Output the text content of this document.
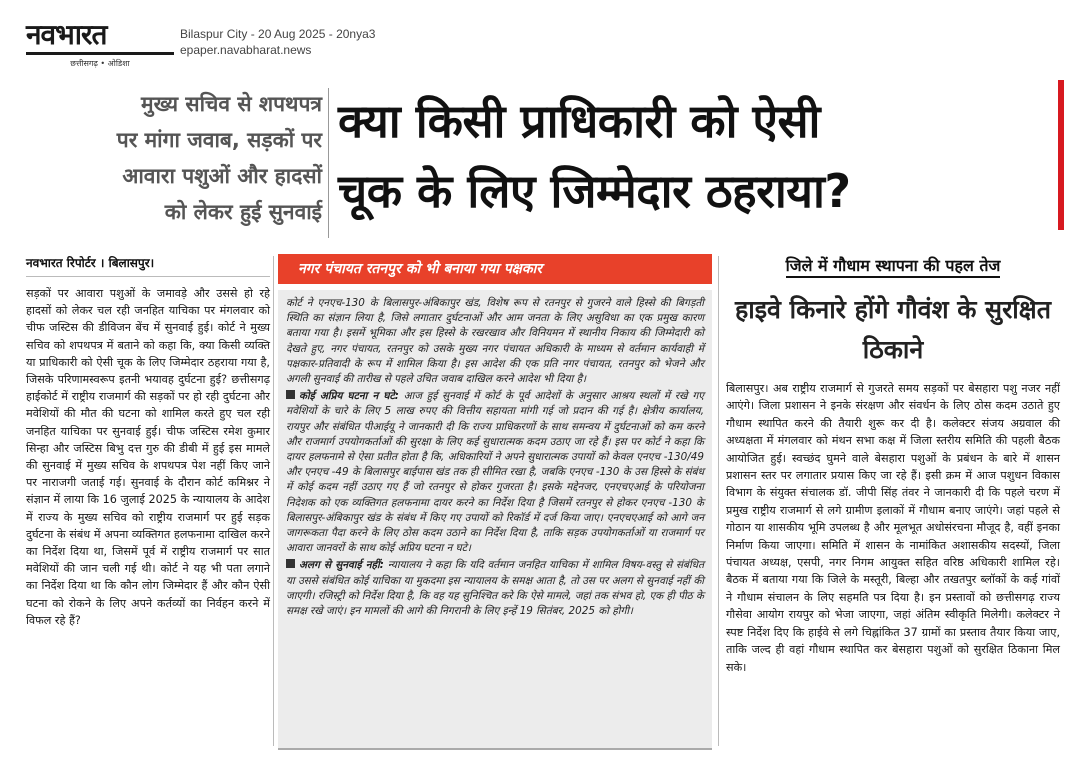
नवभारत
छत्तीसगढ़ • ओडिशा
Bilaspur City - 20 Aug 2025 - 20nya3
epaper.navabharat.news

मुख्य सचिव से शपथपत्र

पर मांगा जवाब, सड़कों पर

आवारा पशुओं और हादसों

को लेकर हुई सुनवाई

क्या किसी प्राधिकारी को ऐसी

चूक के लिए जिम्मेदार ठहराया?

नवभारत रिपोर्टर । बिलासपुर।
सड़कों पर आवारा पशुओं के जमावड़े और उससे हो रहे हादसों को लेकर चल रही जनहित याचिका पर मंगलवार को चीफ जस्टिस की डीविजन बेंच में सुनवाई हुई। कोर्ट ने मुख्य सचिव को शपथपत्र में बताने को कहा कि, क्या किसी व्यक्ति या प्राधिकारी को ऐसी चूक के लिए जिम्मेदार ठहराया गया है, जिसके परिणामस्वरूप इतनी भयावह दुर्घटना हुई? छत्तीसगढ़ हाईकोर्ट में राष्ट्रीय राजमार्ग की सड़कों पर हो रही दुर्घटना और मवेशियों की मौत की घटना को शामिल करते हुए चल रही जनहित याचिका पर सुनवाई हुई। चीफ जस्टिस रमेश कुमार सिन्हा और जस्टिस बिभु दत्त गुरु की डीबी में हुई इस मामले की सुनवाई में मुख्य सचिव के शपथपत्र पेश नहीं किए जाने पर नाराजगी जताई गई। सुनवाई के दौरान कोर्ट कमिश्नर ने संज्ञान में लाया कि 16 जुलाई 2025 के न्यायालय के आदेश में राज्य के मुख्य सचिव को राष्ट्रीय राजमार्ग पर हुई सड़क दुर्घटना के संबंध में अपना व्यक्तिगत हलफनामा दाखिल करने का निर्देश दिया था, जिसमें पूर्व में राष्ट्रीय राजमार्ग पर सात मवेशियों की जान चली गई थी। कोर्ट ने यह भी पता लगाने का निर्देश दिया था कि कौन लोग जिम्मेदार हैं और कौन ऐसी घटना को रोकने के लिए अपने कर्तव्यों का निर्वहन करने में विफल रहे हैं?
नगर पंचायत रतनपुर को भी बनाया गया पक्षकार
कोर्ट ने एनएच-130 के बिलासपुर-अंबिकापुर खंड, विशेष रूप से रतनपुर से गुजरने वाले हिस्से की बिगड़ती स्थिति का संज्ञान लिया है, जिसे लगातार दुर्घटनाओं और आम जनता के लिए असुविधा का एक प्रमुख कारण बताया गया है। इसमें भूमिका और इस हिस्से के रखरखाव और विनियमन में स्थानीय निकाय की जिम्मेदारी को देखते हुए, नगर पंचायत, रतनपुर को उसके मुख्य नगर पंचायत अधिकारी के माध्यम से वर्तमान कार्यवाही में पक्षकार-प्रतिवादी के रूप में शामिल किया है। इस आदेश की एक प्रति नगर पंचायत, रतनपुर को भेजने और अगली सुनवाई की तारीख से पहले उचित जवाब दाखिल करने आदेश भी दिया है।
कोई अप्रिय घटना न घटे: आज हुई सुनवाई में कोर्ट के पूर्व आदेशों के अनुसार आश्रय स्थलों में रखे गए मवेशियों के चारे के लिए 5 लाख रुपए की वित्तीय सहायता मांगी गई जो प्रदान की गई है। क्षेत्रीय कार्यालय, रायपुर और संबंधित पीआईयू ने जानकारी दी कि राज्य प्राधिकरणों के साथ समन्वय में दुर्घटनाओं को कम करने और राजमार्ग उपयोगकर्ताओं की सुरक्षा के लिए कई सुधारात्मक कदम उठाए जा रहे हैं। इस पर कोर्ट ने कहा कि दायर हलफनामे से ऐसा प्रतीत होता है कि, अधिकारियों ने अपने सुधारात्मक उपायों को केवल एनएच -130/49 और एनएच -49 के बिलासपुर बाईपास खंड तक ही सीमित रखा है, जबकि एनएच -130 के उस हिस्से के संबंध में कोई कदम नहीं उठाए गए हैं जो रतनपुर से होकर गुजरता है। इसके मद्देनजर, एनएचएआई के परियोजना निदेशक को एक व्यक्तिगत हलफनामा दायर करने का निर्देश दिया है जिसमें रतनपुर से होकर एनएच -130 के बिलासपुर-अंबिकापुर खंड के संबंध में किए गए उपायों को रिकॉर्ड में दर्ज किया जाए। एनएचएआई को आगे जन जागरूकता पैदा करने के लिए ठोस कदम उठाने का निर्देश दिया है, ताकि सड़क उपयोगकर्ताओं या राजमार्ग पर आवारा जानवरों के साथ कोई अप्रिय घटना न घटे।
अलग से सुनवाई नहीं: न्यायालय ने कहा कि यदि वर्तमान जनहित याचिका में शामिल विषय-वस्तु से संबंधित या उससे संबंधित कोई याचिका या मुकदमा इस न्यायालय के समक्ष आता है, तो उस पर अलग से सुनवाई नहीं की जाएगी। रजिस्ट्री को निर्देश दिया है, कि वह यह सुनिश्चित करे कि ऐसे मामले, जहां तक संभव हो, एक ही पीठ के समक्ष रखे जाएं। इन मामलों की आगे की निगरानी के लिए इन्हें 19 सितंबर, 2025 को होगी।
जिले में गौधाम स्थापना की पहल तेज
हाइवे किनारे होंगे गौवंश के सुरक्षित ठिकाने
बिलासपुर। अब राष्ट्रीय राजमार्ग से गुजरते समय सड़कों पर बेसहारा पशु नजर नहीं आएंगे। जिला प्रशासन ने इनके संरक्षण और संवर्धन के लिए ठोस कदम उठाते हुए गौधाम स्थापित करने की तैयारी शुरू कर दी है। कलेक्टर संजय अग्रवाल की अध्यक्षता में मंगलवार को मंथन सभा कक्ष में जिला स्तरीय समिति की पहली बैठक आयोजित हुई। स्वच्छंद घुमने वाले बेसहारा पशुओं के प्रबंधन के बारे में शासन प्रशासन स्तर पर लगातार प्रयास किए जा रहे हैं। इसी क्रम में आज पशुधन विकास विभाग के संयुक्त संचालक डॉ. जीपी सिंह तंवर ने जानकारी दी कि पहले चरण में प्रमुख राष्ट्रीय राजमार्ग से लगे ग्रामीण इलाकों में गौधाम बनाए जाएंगे। जहां पहले से गोठान या शासकीय भूमि उपलब्ध है और मूलभूत अधोसंरचना मौजूद है, वहीं इनका निर्माण किया जाएगा। समिति में शासन के नामांकित अशासकीय सदस्यों, जिला पंचायत अध्यक्ष, एसपी, नगर निगम आयुक्त सहित वरिष्ठ अधिकारी शामिल रहे। बैठक में बताया गया कि जिले के मस्तूरी, बिल्हा और तखतपुर ब्लॉकों के कई गांवों ने गौधाम संचालन के लिए सहमति पत्र दिया है। इन प्रस्तावों को छत्तीसगढ़ राज्य गौसेवा आयोग रायपुर को भेजा जाएगा, जहां अंतिम स्वीकृति मिलेगी। कलेक्टर ने स्पष्ट निर्देश दिए कि हाईवे से लगे चिह्नांकित 37 ग्रामों का प्रस्ताव तैयार किया जाए, ताकि जल्द ही वहां गौधाम स्थापित कर बेसहारा पशुओं को सुरक्षित ठिकाना मिल सके।
